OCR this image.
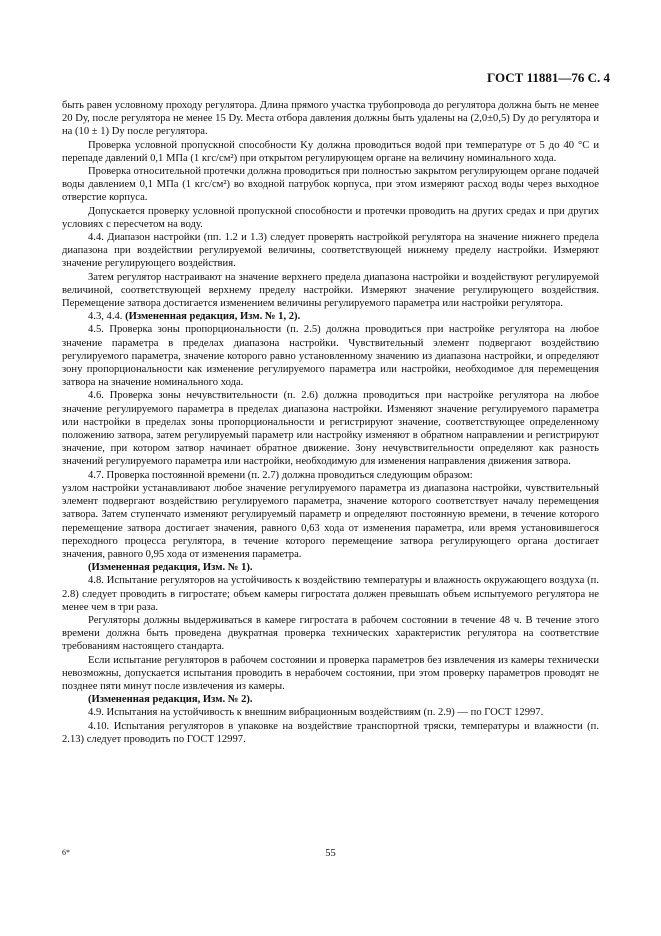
ГОСТ 11881—76 С. 4

быть равен условному проходу регулятора. Длина прямого участка трубопровода до регулятора должна быть не менее 20 Dу, после регулятора не менее 15 Dу. Места отбора давления должны быть удалены на (2,0±0,5) Dу до регулятора и на (10 ± 1) Dу после регулятора.

Проверка условной пропускной способности Kу должна проводиться водой при температуре от 5 до 40 °С и перепаде давлений 0,1 МПа (1 кгс/см²) при открытом регулирующем органе на величину номинального хода.

Проверка относительной протечки должна проводиться при полностью закрытом регулирующем органе подачей воды давлением 0,1 МПа (1 кгс/см²) во входной патрубок корпуса, при этом измеряют расход воды через выходное отверстие корпуса.

Допускается проверку условной пропускной способности и протечки проводить на других средах и при других условиях с пересчетом на воду.

4.4. Диапазон настройки (пп. 1.2 и 1.3) следует проверять настройкой регулятора на значение нижнего предела диапазона при воздействии регулируемой величины, соответствующей нижнему пределу настройки. Измеряют значение регулирующего воздействия.

Затем регулятор настраивают на значение верхнего предела диапазона настройки и воздействуют регулируемой величиной, соответствующей верхнему пределу настройки. Измеряют значение регулирующего воздействия. Перемещение затвора достигается изменением величины регулируемого параметра или настройки регулятора.

4.3, 4.4. (Измененная редакция, Изм. № 1, 2).

4.5. Проверка зоны пропорциональности (п. 2.5) должна проводиться при настройке регулятора на любое значение параметра в пределах диапазона настройки. Чувствительный элемент подвергают воздействию регулируемого параметра, значение которого равно установленному значению из диапазона настройки, и определяют зону пропорциональности как изменение регулируемого параметра или настройки, необходимое для перемещения затвора на значение номинального хода.

4.6. Проверка зоны нечувствительности (п. 2.6) должна проводиться при настройке регулятора на любое значение регулируемого параметра в пределах диапазона настройки. Изменяют значение регулируемого параметра или настройки в пределах зоны пропорциональности и регистрируют значение, соответствующее определенному положению затвора, затем регулируемый параметр или настройку изменяют в обратном направлении и регистрируют значение, при котором затвор начинает обратное движение. Зону нечувствительности определяют как разность значений регулируемого параметра или настройки, необходимую для изменения направления движения затвора.

4.7. Проверка постоянной времени (п. 2.7) должна проводиться следующим образом:

узлом настройки устанавливают любое значение регулируемого параметра из диапазона настройки, чувствительный элемент подвергают воздействию регулируемого параметра, значение которого соответствует началу перемещения затвора. Затем ступенчато изменяют регулируемый параметр и определяют постоянную времени, в течение которого перемещение затвора достигает значения, равного 0,63 хода от изменения параметра, или время установившегося переходного процесса регулятора, в течение которого перемещение затвора регулирующего органа достигает значения, равного 0,95 хода от изменения параметра.

(Измененная редакция, Изм. № 1).

4.8. Испытание регуляторов на устойчивость к воздействию температуры и влажность окружающего воздуха (п. 2.8) следует проводить в гигростате; объем камеры гигростата должен превышать объем испытуемого регулятора не менее чем в три раза.

Регуляторы должны выдерживаться в камере гигростата в рабочем состоянии в течение 48 ч. В течение этого времени должна быть проведена двукратная проверка технических характеристик регулятора на соответствие требованиям настоящего стандарта.

Если испытание регуляторов в рабочем состоянии и проверка параметров без извлечения из камеры технически невозможны, допускается испытания проводить в нерабочем состоянии, при этом проверку параметров проводят не позднее пяти минут после извлечения из камеры.

(Измененная редакция, Изм. № 2).

4.9. Испытания на устойчивость к внешним вибрационным воздействиям (п. 2.9) — по ГОСТ 12997.

4.10. Испытания регуляторов в упаковке на воздействие транспортной тряски, температуры и влажности (п. 2.13) следует проводить по ГОСТ 12997.

6*	55
